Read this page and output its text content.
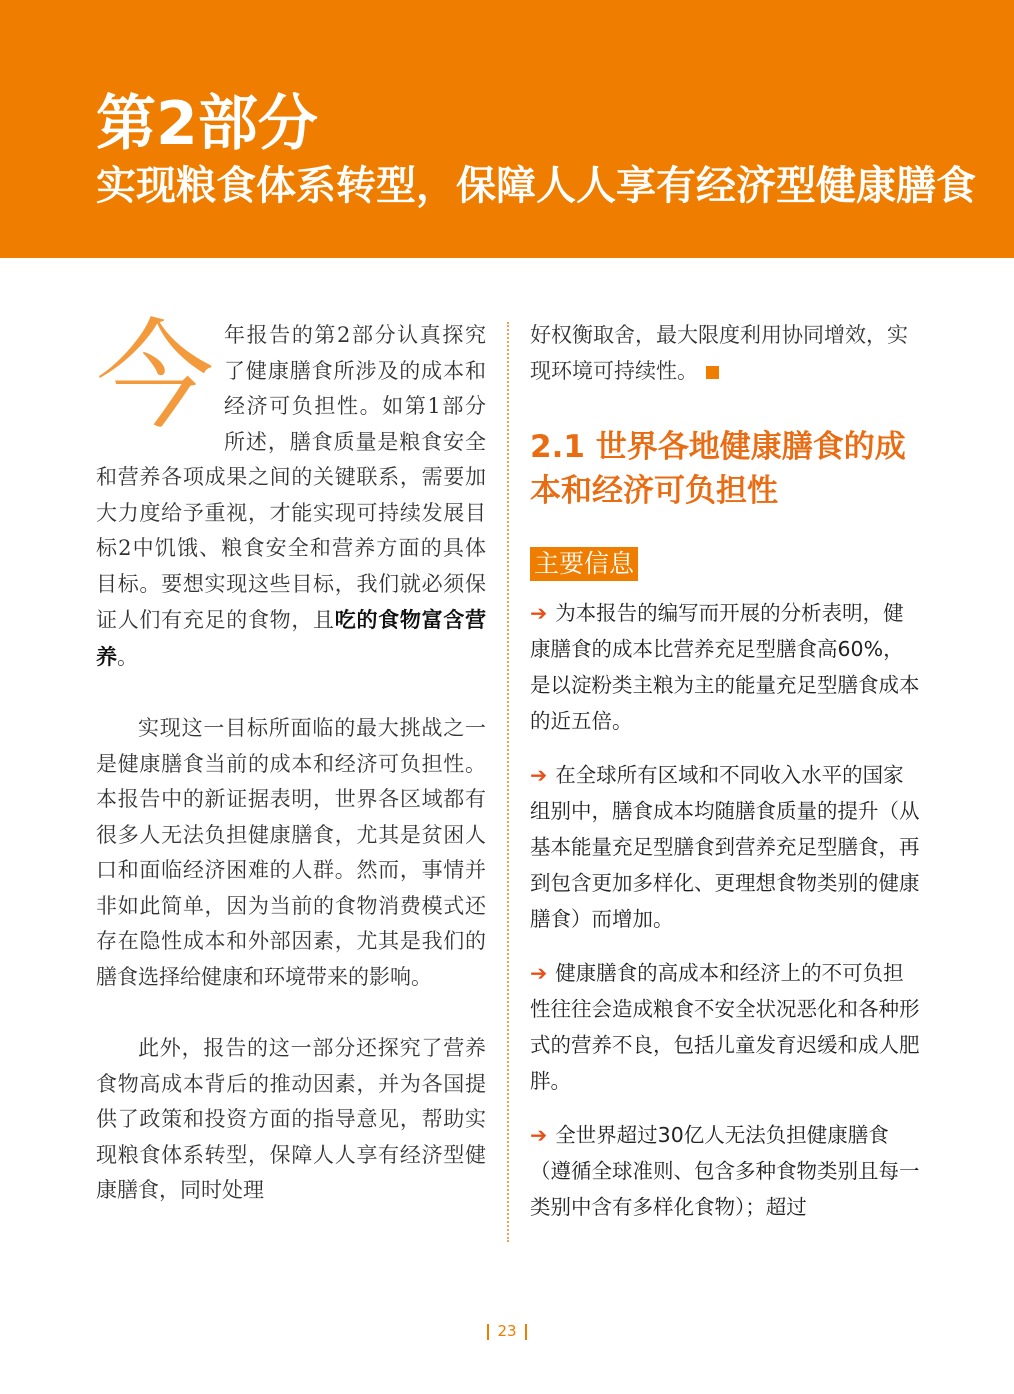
第2部分
实现粮食体系转型，保障人人享有经济型健康膳食

今年报告的第2部分认真探究了健康膳食所涉及的成本和经济可负担性。如第1部分所述，膳食质量是粮食安全和营养各项成果之间的关键联系，需要加大力度给予重视，才能实现可持续发展目标2中饥饿、粮食安全和营养方面的具体目标。要想实现这些目标，我们就必须保证人们有充足的食物，且吃的食物富含营养。

实现这一目标所面临的最大挑战之一是健康膳食当前的成本和经济可负担性。本报告中的新证据表明，世界各区域都有很多人无法负担健康膳食，尤其是贫困人口和面临经济困难的人群。然而，事情并非如此简单，因为当前的食物消费模式还存在隐性成本和外部因素，尤其是我们的膳食选择给健康和环境带来的影响。

此外，报告的这一部分还探究了营养食物高成本背后的推动因素，并为各国提供了政策和投资方面的指导意见，帮助实现粮食体系转型，保障人人享有经济型健康膳食，同时处理

好权衡取舍，最大限度利用协同增效，实现环境可持续性。

2.1 世界各地健康膳食的成本和经济可负担性
主要信息

➔ 为本报告的编写而开展的分析表明，健康膳食的成本比营养充足型膳食高60%，是以淀粉类主粮为主的能量充足型膳食成本的近五倍。

➔ 在全球所有区域和不同收入水平的国家组别中，膳食成本均随膳食质量的提升（从基本能量充足型膳食到营养充足型膳食，再到包含更加多样化、更理想食物类别的健康膳食）而增加。

➔ 健康膳食的高成本和经济上的不可负担性往往会造成粮食不安全状况恶化和各种形式的营养不良，包括儿童发育迟缓和成人肥胖。

➔ 全世界超过30亿人无法负担健康膳食（遵循全球准则、包含多种食物类别且每一类别中含有多样化食物）；超过

23
